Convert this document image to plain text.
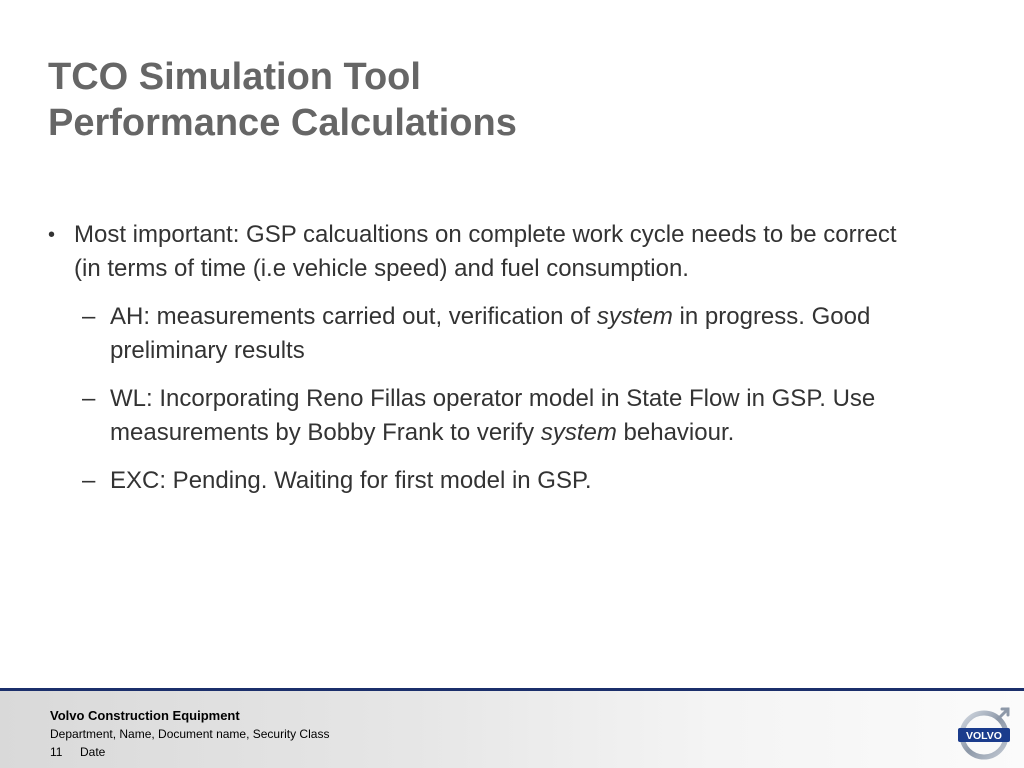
TCO Simulation Tool
Performance Calculations

• Most important: GSP calcualtions on complete work cycle needs to be correct (in terms of time (i.e vehicle speed) and fuel consumption.

– AH: measurements carried out, verification of system in progress. Good preliminary results

– WL: Incorporating Reno Fillas operator model in State Flow in GSP. Use measurements by Bobby Frank to verify system behaviour.

– EXC: Pending. Waiting for first model in GSP.

Volvo Construction Equipment
Department, Name, Document name, Security Class
11 Date
VOLVO
